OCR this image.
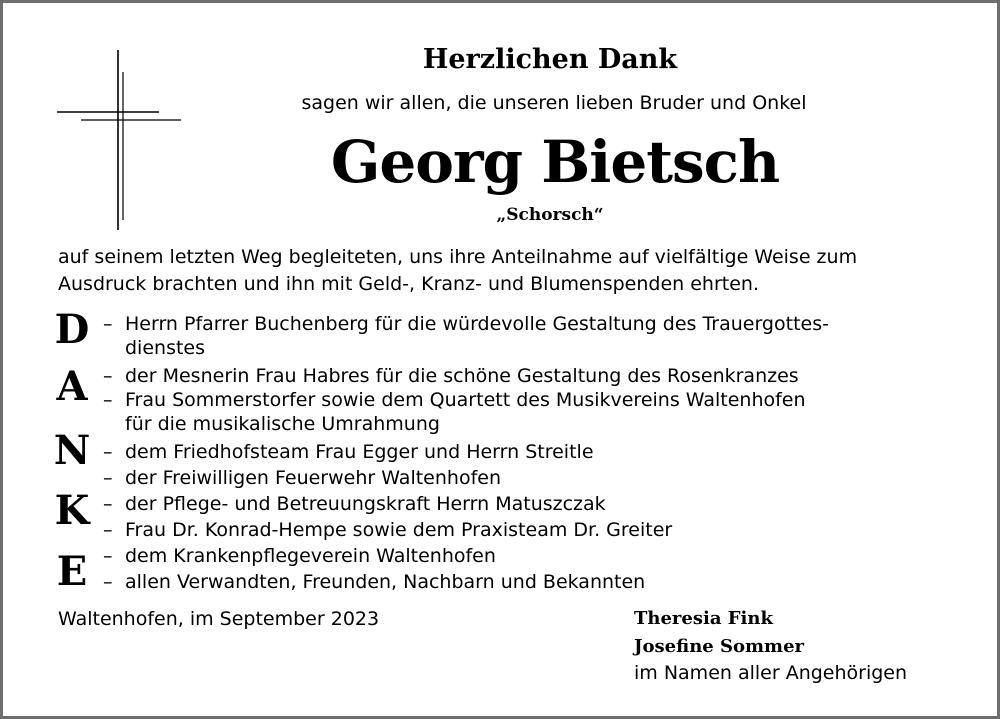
Herzlichen Dank
sagen wir allen, die unseren lieben Bruder und Onkel
Georg Bietsch
„Schorsch“
auf seinem letzten Weg begleiteten, uns ihre Anteilnahme auf vielfältige Weise zum
Ausdruck brachten und ihn mit Geld-, Kranz- und Blumenspenden ehrten.
D
A
N
K
E
– Herrn Pfarrer Buchenberg für die würdevolle Gestaltung des Trauergottes-
dienstes
– der Mesnerin Frau Habres für die schöne Gestaltung des Rosenkranzes
– Frau Sommerstorfer sowie dem Quartett des Musikvereins Waltenhofen
für die musikalische Umrahmung
– dem Friedhofsteam Frau Egger und Herrn Streitle
– der Freiwilligen Feuerwehr Waltenhofen
– der Pflege- und Betreuungskraft Herrn Matuszczak
– Frau Dr. Konrad-Hempe sowie dem Praxisteam Dr. Greiter
– dem Krankenpflegeverein Waltenhofen
– allen Verwandten, Freunden, Nachbarn und Bekannten
Waltenhofen, im September 2023	Theresia Fink
Josefine Sommer
im Namen aller Angehörigen
